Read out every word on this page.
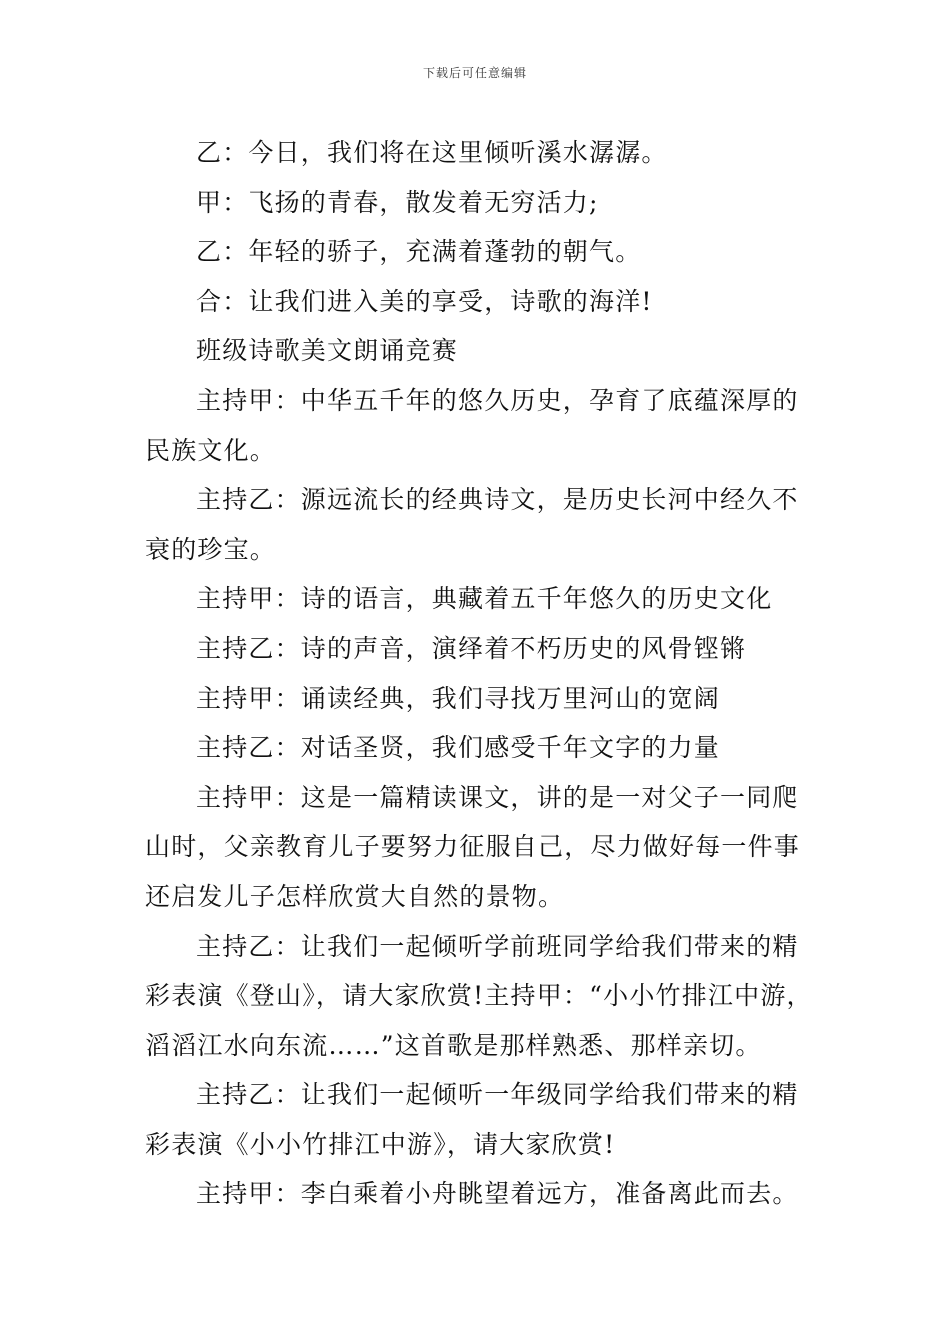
下载后可任意编辑

乙：今日，我们将在这里倾听溪水潺潺。

甲：飞扬的青春，散发着无穷活力;

乙：年轻的骄子，充满着蓬勃的朝气。

合：让我们进入美的享受，诗歌的海洋!

班级诗歌美文朗诵竞赛

主持甲：中华五千年的悠久历史，孕育了底蕴深厚的民族文化。

主持乙：源远流长的经典诗文，是历史长河中经久不衰的珍宝。

主持甲：诗的语言，典藏着五千年悠久的历史文化

主持乙：诗的声音，演绎着不朽历史的风骨铿锵

主持甲：诵读经典，我们寻找万里河山的宽阔

主持乙：对话圣贤，我们感受千年文字的力量

主持甲：这是一篇精读课文，讲的是一对父子一同爬山时，父亲教育儿子要努力征服自己，尽力做好每一件事还启发儿子怎样欣赏大自然的景物。

主持乙：让我们一起倾听学前班同学给我们带来的精彩表演《登山》，请大家欣赏!主持甲：“小小竹排江中游，滔滔江水向东流……”这首歌是那样熟悉、那样亲切。

主持乙：让我们一起倾听一年级同学给我们带来的精彩表演《小小竹排江中游》，请大家欣赏!

主持甲：李白乘着小舟眺望着远方，准备离此而去。
